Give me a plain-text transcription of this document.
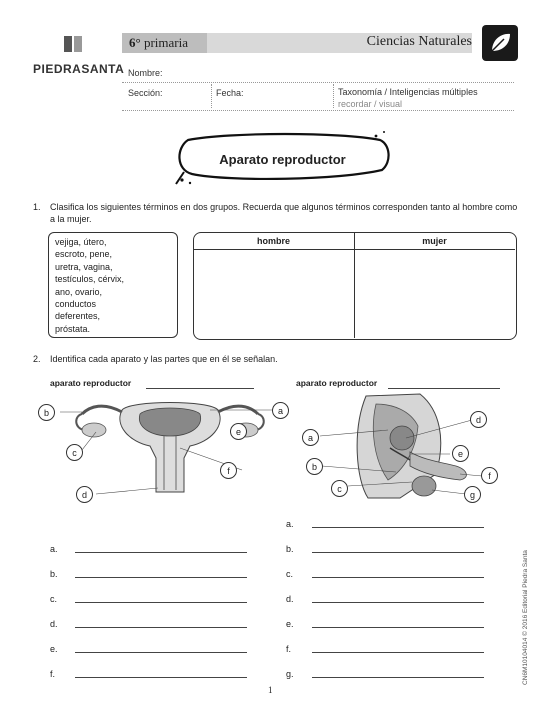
PIEDRASANTA
6° primaria	Ciencias Naturales
Nombre:
Sección:	Fecha:	Taxonomía / Inteligencias múltiples
recordar / visual
Aparato reproductor
1. Clasifica los siguientes términos en dos grupos. Recuerda que algunos términos corresponden tanto al hombre como a la mujer.
vejiga, útero,
escroto, pene,
uretra, vagina,
testículos, cérvix,
ano, ovario,
conductos
deferentes,
próstata.
hombre	mujer
2. Identifica cada aparato y las partes que en él se señalan.
aparato reproductor	aparato reproductor
b	a
e
c
f
d
d
a
e
b
f
c
g
a.
b.
c.
d.
e.
f.
a.
b.
c.
d.
e.
f.
g.
1
CN6M10104014 © 2016 Editorial Piedra Santa
